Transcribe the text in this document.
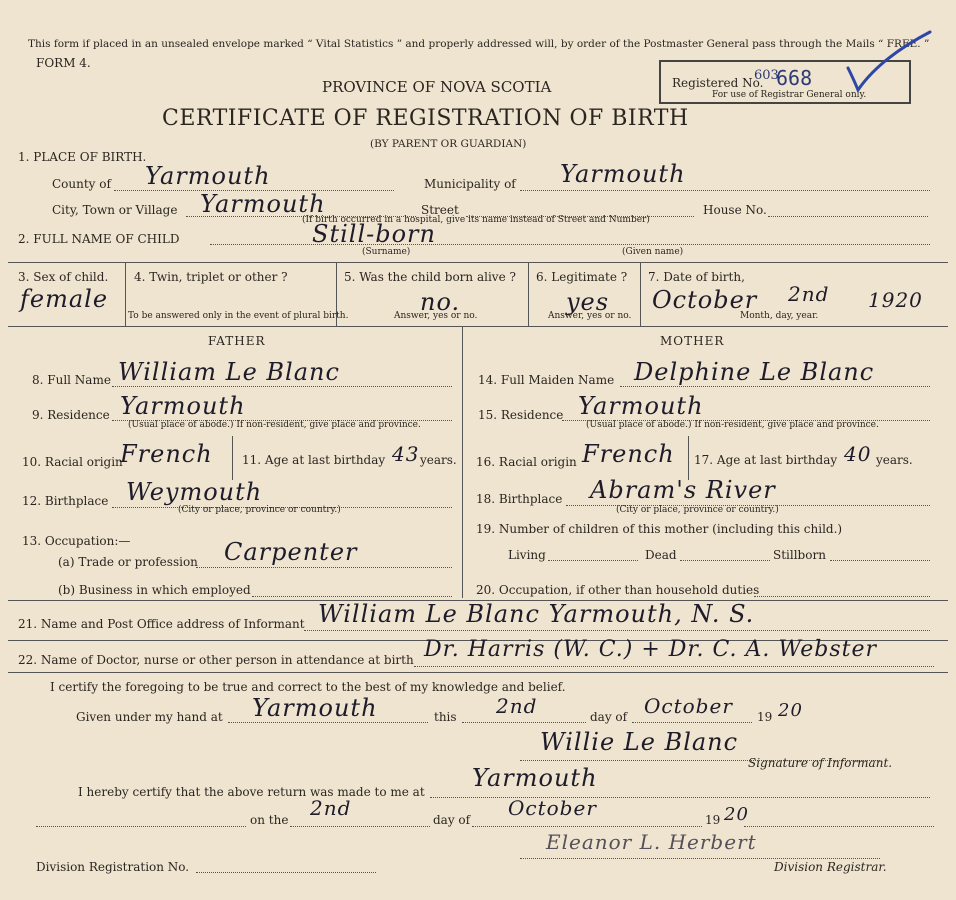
This form if placed in an unsealed envelope marked “ Vital Statistics ” and properly addressed will, by order of the Postmaster General pass through the Mails “ FREE. ”
FORM 4.
PROVINCE OF NOVA SCOTIA
CERTIFICATE OF REGISTRATION OF BIRTH
(BY PARENT OR GUARDIAN)
Registered No.
603
668
For use of Registrar General only.
1. PLACE OF BIRTH.
County of Yarmouth	Municipality of Yarmouth
City, Town or Village Yarmouth	Street	House No.
(If birth occurred in a hospital, give its name instead of Street and Number)
2. FULL NAME OF CHILD	Still-born
(Surname)	(Given name)
3. Sex of child.
female
4. Twin, triplet or other ?
To be answered only in the event of plural birth.
5. Was the child born alive ?
no.
Answer, yes or no.
6. Legitimate ?
yes
Answer, yes or no.
7. Date of birth,
October 2nd 1920
Month, day, year.
FATHER	MOTHER
8. Full Name William Le Blanc
9. Residence Yarmouth
(Usual place of abode.) If non-resident, give place and province.
10. Racial origin
French 11. Age at last birthday 43 years.
12. Birthplace Weymouth
(City or place, province or country.)
13. Occupation:—
(a) Trade or profession Carpenter
(b) Business in which employed
14. Full Maiden Name Delphine Le Blanc
15. Residence Yarmouth
(Usual place of abode.) If non-resident, give place and province.
16. Racial origin French 17. Age at last birthday 40 years.
18. Birthplace Abram's River
(City or place, province or country.)
19. Number of children of this mother (including this child.)
Living	Dead	Stillborn
20. Occupation, if other than household duties
21. Name and Post Office address of Informant William Le Blanc Yarmouth, N. S.
22. Name of Doctor, nurse or other person in attendance at birth Dr. Harris (W. C.) + Dr. C. A. Webster
I certify the foregoing to be true and correct to the best of my knowledge and belief.
Given under my hand at Yarmouth	this 2nd	day of October 19 20
Willie Le Blanc
Signature of Informant.
I hereby certify that the above return was made to me at Yarmouth
on the 2nd	day of October	19 20
Division Registration No.
Eleanor L. Herbert
Division Registrar.
